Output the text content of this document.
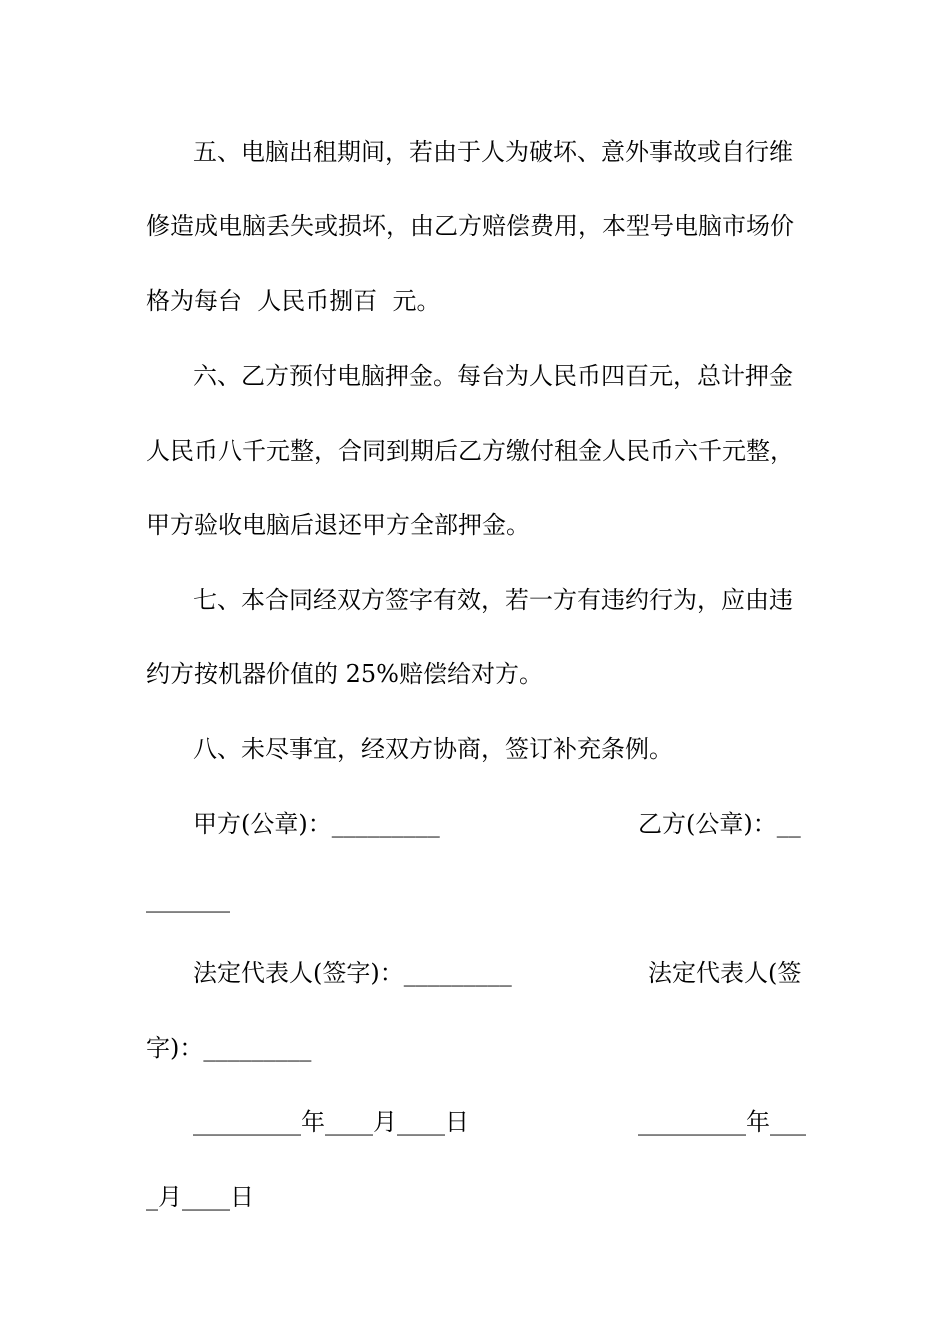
五、电脑出租期间，若由于人为破坏、意外事故或自行维

修造成电脑丢失或损坏，由乙方赔偿费用，本型号电脑市场价

格为每台  人民币捌百  元。

六、乙方预付电脑押金。每台为人民币四百元，总计押金

人民币八千元整，合同到期后乙方缴付租金人民币六千元整，

甲方验收电脑后退还甲方全部押金。

七、本合同经双方签字有效，若一方有违约行为，应由违

约方按机器价值的 25%赔偿给对方。

八、未尽事宜，经双方协商，签订补充条例。

甲方(公章)：_________	乙方(公章)：__

_______

法定代表人(签字)：_________	法定代表人(签

字)：_________

_________年____月____日	_________年___

_月____日
